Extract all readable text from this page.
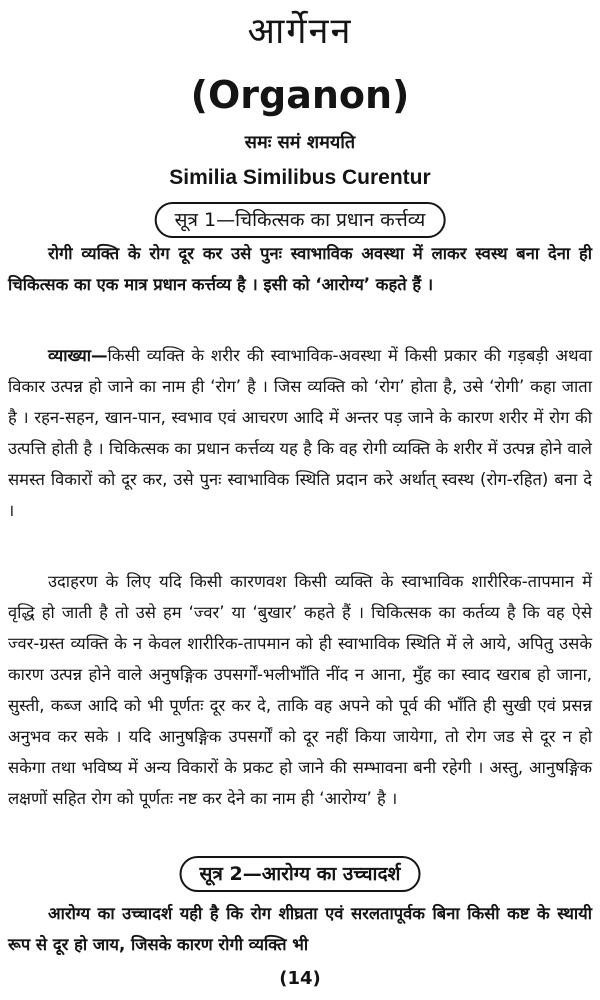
आर्गेनन
(Organon)
समः समं शमयति
Similia Similibus Curentur
सूत्र 1—चिकित्सक का प्रधान कर्त्तव्य

रोगी व्यक्ति के रोग दूर कर उसे पुनः स्वाभाविक अवस्था में लाकर स्वस्थ बना देना ही चिकित्सक का एक मात्र प्रधान कर्त्तव्य है । इसी को ‘आरोग्य’ कहते हैं ।

व्याख्या—किसी व्यक्ति के शरीर की स्वाभाविक-अवस्था में किसी प्रकार की गड़बड़ी अथवा विकार उत्पन्न हो जाने का नाम ही ‘रोग’ है । जिस व्यक्ति को ‘रोग’ होता है, उसे ‘रोगी’ कहा जाता है । रहन-सहन, खान-पान, स्वभाव एवं आचरण आदि में अन्तर पड़ जाने के कारण शरीर में रोग की उत्पत्ति होती है । चिकित्सक का प्रधान कर्त्तव्य यह है कि वह रोगी व्यक्ति के शरीर में उत्पन्न होने वाले समस्त विकारों को दूर कर, उसे पुनः स्वाभाविक स्थिति प्रदान करे अर्थात् स्वस्थ (रोग-रहित) बना दे ।

उदाहरण के लिए यदि किसी कारणवश किसी व्यक्ति के स्वाभाविक शारीरिक-तापमान में वृद्धि हो जाती है तो उसे हम ‘ज्वर’ या ‘बुखार’ कहते हैं । चिकित्सक का कर्तव्य है कि वह ऐसे ज्वर-ग्रस्त व्यक्ति के न केवल शारीरिक-तापमान को ही स्वाभाविक स्थिति में ले आये, अपितु उसके कारण उत्पन्न होने वाले अनुषङ्गिक उपसर्गों-भलीभाँति नींद न आना, मुँह का स्वाद खराब हो जाना, सुस्ती, कब्ज आदि को भी पूर्णतः दूर कर दे, ताकि वह अपने को पूर्व की भाँति ही सुखी एवं प्रसन्न अनुभव कर सके । यदि आनुषङ्गिक उपसर्गों को दूर नहीं किया जायेगा, तो रोग जड से दूर न हो सकेगा तथा भविष्य में अन्य विकारों के प्रकट हो जाने की सम्भावना बनी रहेगी । अस्तु, आनुषङ्गिक लक्षणों सहित रोग को पूर्णतः नष्ट कर देने का नाम ही ‘आरोग्य’ है ।

सूत्र 2—आरोग्य का उच्चादर्श

आरोग्य का उच्चादर्श यही है कि रोग शीघ्रता एवं सरलतापूर्वक बिना किसी कष्ट के स्थायी रूप से दूर हो जाय, जिसके कारण रोगी व्यक्ति भी

(14)
